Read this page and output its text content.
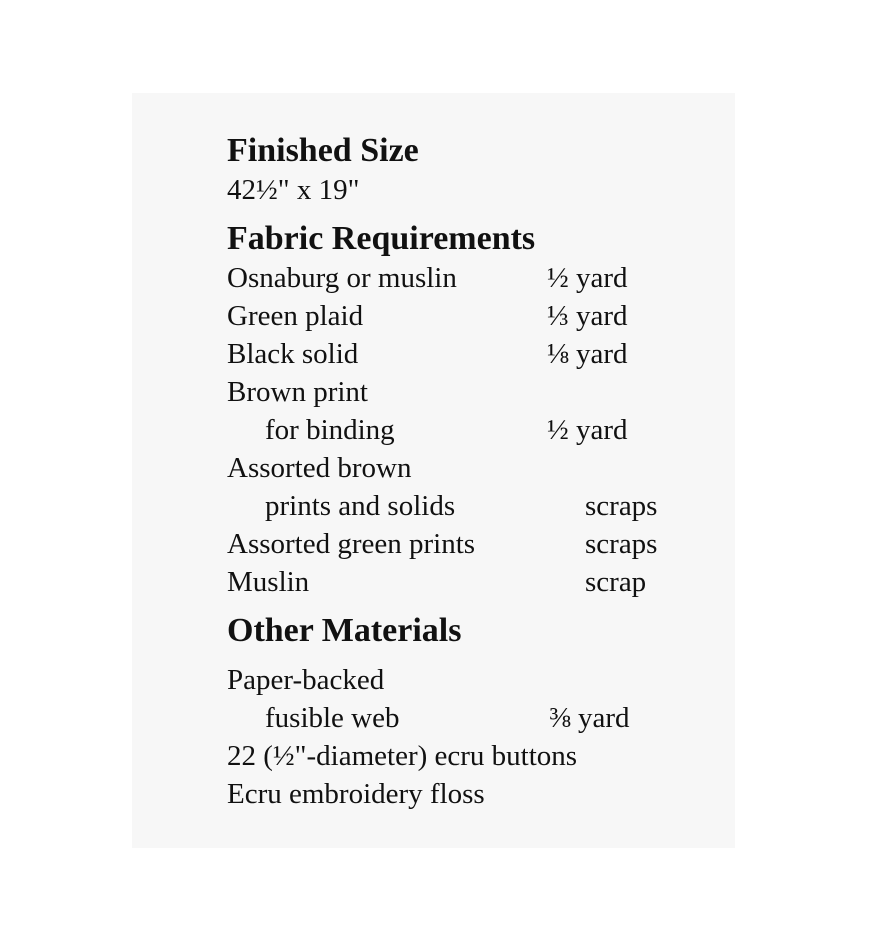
Finished Size
42½" x 19"
Fabric Requirements
Osnaburg or muslin	½ yard
Green plaid	⅓ yard
Black solid	⅛ yard
Brown print
for binding	½ yard
Assorted brown
prints and solids	scraps
Assorted green prints	scraps
Muslin	scrap
Other Materials
Paper-backed
fusible web	⅜ yard
22 (½"-diameter) ecru buttons
Ecru embroidery floss
